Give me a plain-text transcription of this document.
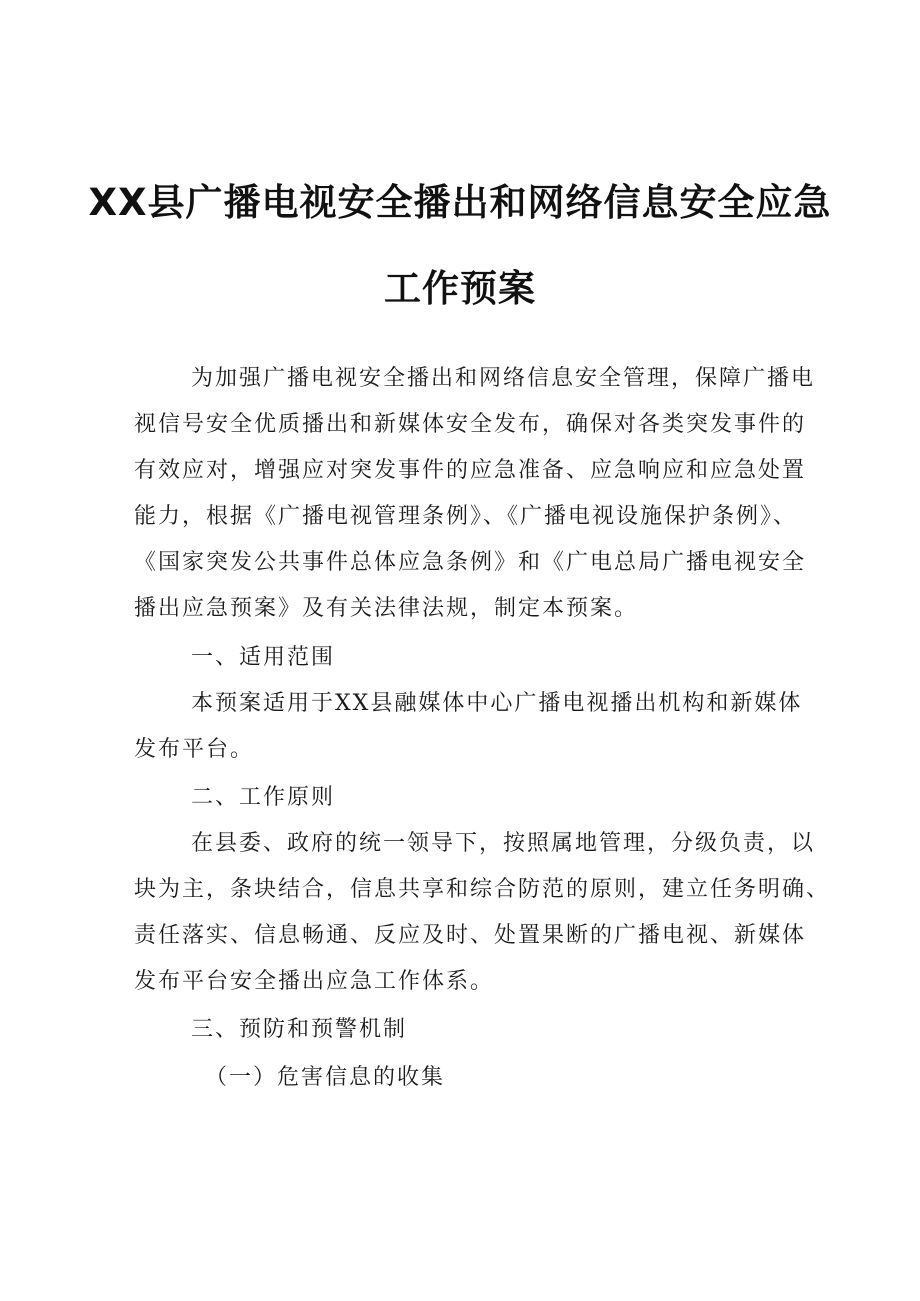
XX县广播电视安全播出和网络信息安全应急
工作预案
为加强广播电视安全播出和网络信息安全管理，保障广播电
视信号安全优质播出和新媒体安全发布，确保对各类突发事件的
有效应对，增强应对突发事件的应急准备、应急响应和应急处置
能力，根据《广播电视管理条例》、《广播电视设施保护条例》、
《国家突发公共事件总体应急条例》和《广电总局广播电视安全
播出应急预案》及有关法律法规，制定本预案。
一、适用范围
本预案适用于XX县融媒体中心广播电视播出机构和新媒体
发布平台。
二、工作原则
在县委、政府的统一领导下，按照属地管理，分级负责，以
块为主，条块结合，信息共享和综合防范的原则，建立任务明确、
责任落实、信息畅通、反应及时、处置果断的广播电视、新媒体
发布平台安全播出应急工作体系。
三、预防和预警机制
（一）危害信息的收集
